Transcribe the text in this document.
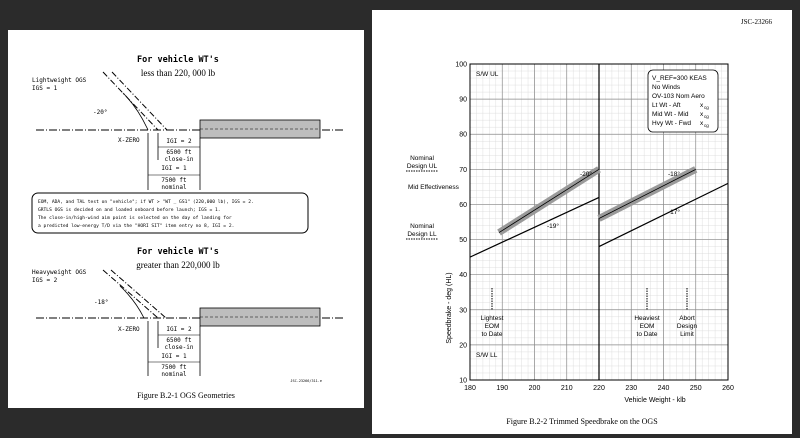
For vehicle WT's
less than 220, 000 lb
Lightweight OGS
IGS = 1
-20°
X-ZERO	IGI = 2
6500 ft
close-in
IGI = 1
7500 ft
nominal
EOM, ADA, and TAL test on "vehicle"; if WT > "WT _ GS1" (220,000 lb), IGS = 2.
GRTLS OGS is decided on and loaded onboard before launch; IGS = 1.
The close-in/high-wind aim point is selected on the day of landing for
a predicted low-energy T/D via the "HORI SIT" item entry no 8, IGI = 2.
For vehicle WT's
greater than 220,000 lb
Heavyweight OGS
IGS = 2
-18°
X-ZERO	IGI = 2
6500 ft
close-in
IGI = 1
7500 ft
nominal
JSC-23266/311.e
Figure B.2-1 OGS Geometries
JSC-23266
180	190	200	210	220	230	240	250	260
10
20
30
40
50
60
70
80
90
100
Nominal
Design UL
Mid Effectiveness
Nominal
Design LL
S/W UL
S/W LL
Lightest
EOM
to Date
Heaviest
EOM
to Date
Abort
Design
Limit
V_REF=300 KEAS
No Winds
OV-103 Nom Aero
Lt Wt - Aft
Mid Wt - Mid
Hvy Wt - Fwd
x cg
x cg
x cg
-20°
-19°
-18°
-17°
Vehicle Weight - klb
Speedbrake - deg (HL)
Figure B.2-2 Trimmed Speedbrake on the OGS
